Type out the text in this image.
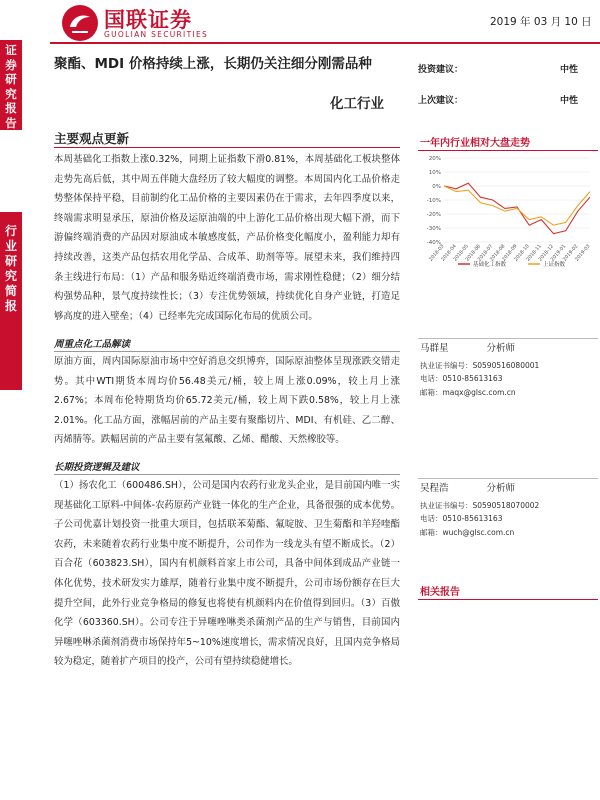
国联证券
GUOLIAN SECURITIES
2019 年 03 月 10 日
证
券
研
究
报
告
行
业
研
究
简
报
聚酯、MDI 价格持续上涨，长期仍关注细分刚需品种
化工行业
投资建议：	中性
上次建议：	中性
主要观点更新
本周基础化工指数上涨0.32%，同期上证指数下滑0.81%，本周基础化工板块整体走势先高后低，其中周五伴随大盘经历了较大幅度的调整。本周国内化工品价格走势整体保持平稳，目前制约化工品价格的主要因素仍在于需求，去年四季度以来，终端需求明显承压，原油价格及运原油端的中上游化工品价格出现大幅下滑，而下游偏终端消费的产品因对原油成本敏感度低，产品价格变化幅度小，盈利能力却有持续改善，这类产品包括农用化学品、合成革、助剂等等。展望未来，我们维持四条主线进行布局：（1）产品和服务贴近终端消费市场，需求刚性稳健；（2）细分结构强势品种，景气度持续性长；（3）专注优势领域，持续优化自身产业链，打造足够高度的进入壁垒；（4）已经率先完成国际化布局的优质公司。
周重点化工品解读
原油方面，周内国际原油市场中空好消息交织博弈，国际原油整体呈现涨跌交错走势。其中WTI期货本周均价56.48美元/桶，较上周上涨0.09%，较上月上涨2.67%；本周布伦特期货均价65.72美元/桶，较上周下跌0.58%，较上月上涨2.01%。化工品方面，涨幅居前的产品主要有聚酯切片、MDI、有机硅、乙二醇、丙烯腈等。跌幅居前的产品主要有氢氟酸、乙烯、醋酸、天然橡胶等。
长期投资逻辑及建议
（1）扬农化工（600486.SH），公司是国内农药行业龙头企业，是目前国内唯一实现基础化工原料-中间体-农药原药产业链一体化的生产企业，具备很强的成本优势。子公司优嘉计划投资一批重大项目，包括联苯菊酯、氟啶胺、卫生菊酯和羊羟喹酯农药，未来随着农药行业集中度不断提升，公司作为一线龙头有望不断成长。（2）百合花（603823.SH），国内有机颜料首家上市公司，具备中间体到成品产业链一体化优势，技术研发实力雄厚，随着行业集中度不断提升，公司市场份额存在巨大提升空间，此外行业竞争格局的修复也将使有机颜料内在价值得到回归。（3）百傲化学（603360.SH）。公司专注于异噻唑啉类杀菌剂产品的生产与销售，目前国内异噻唑啉杀菌剂消费市场保持年5~10%速度增长，需求情况良好，且国内竞争格局较为稳定，随着扩产项目的投产，公司有望持续稳健增长。
一年内行业相对大盘走势
20%
10%
0%
-10%
-20%
-30%
-40%
2018-03
2018-04
2018-05
2018-06
2018-07
2018-08
2018-09
2018-10
2018-11
2018-12
2019-01
2019-02
2019-03
基础化工指数	上证指数
马群星	分析师
执业证书编号：S0590516080001
电话：0510-85613163
邮箱：maqx@glsc.com.cn
吴程浩	分析师
执业证书编号：S0590518070002
电话：0510-85613163
邮箱：wuch@glsc.com.cn
相关报告
